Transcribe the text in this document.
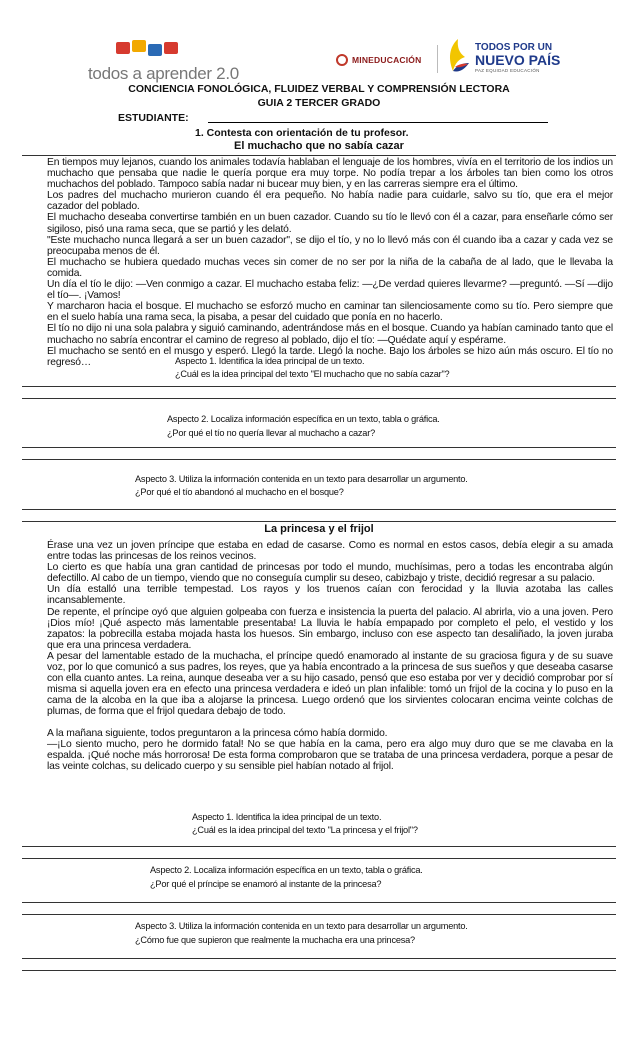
todos a aprender 2.0
MINEDUCACIÓN
TODOS POR UN
NUEVO PAÍS
PAZ EQUIDAD EDUCACIÓN
CONCIENCIA FONOLÓGICA, FLUIDEZ VERBAL Y COMPRENSIÓN LECTORA
GUIA 2 TERCER GRADO
ESTUDIANTE:
1. Contesta con orientación de tu profesor.
El muchacho que no sabía cazar

En tiempos muy lejanos, cuando los animales todavía hablaban el lenguaje de los hombres, vivía en el territorio de los indios un muchacho que pensaba que nadie le quería porque era muy torpe. No podía trepar a los árboles tan bien como los otros muchachos del poblado. Tampoco sabía nadar ni bucear muy bien, y en las carreras siempre era el último.

Los padres del muchacho murieron cuando él era pequeño. No había nadie para cuidarle, salvo su tío, que era el mejor cazador del poblado.

El muchacho deseaba convertirse también en un buen cazador. Cuando su tío le llevó con él a cazar, para enseñarle cómo ser sigiloso, pisó una rama seca, que se partió y les delató.

"Este muchacho nunca llegará a ser un buen cazador", se dijo el tío, y no lo llevó más con él cuando iba a cazar y cada vez se preocupaba menos de él.

El muchacho se hubiera quedado muchas veces sin comer de no ser por la niña de la cabaña de al lado, que le llevaba la comida.

Un día el tío le dijo: —Ven conmigo a cazar. El muchacho estaba feliz: —¿De verdad quieres llevarme? —preguntó. —Sí —dijo el tío—. ¡Vamos!

Y marcharon hacia el bosque. El muchacho se esforzó mucho en caminar tan silenciosamente como su tío. Pero siempre que en el suelo había una rama seca, la pisaba, a pesar del cuidado que ponía en no hacerlo.

El tío no dijo ni una sola palabra y siguió caminando, adentrándose más en el bosque. Cuando ya habían caminado tanto que el muchacho no sabría encontrar el camino de regreso al poblado, dijo el tío: —Quédate aquí y espérame.

El muchacho se sentó en el musgo y esperó. Llegó la tarde. Llegó la noche. Bajo los árboles se hizo aún más oscuro. El tío no regresó…	Aspecto 1. Identifica la idea principal de un texto.
¿Cuál es la idea principal del texto "El muchacho que no sabía cazar"?
Aspecto 2. Localiza información específica en un texto, tabla o gráfica.
¿Por qué el tío no quería llevar al muchacho a cazar?
Aspecto 3. Utiliza la información contenida en un texto para desarrollar un argumento.
¿Por qué el tío abandonó al muchacho en el bosque?
La princesa y el frijol

Érase una vez un joven príncipe que estaba en edad de casarse. Como es normal en estos casos, debía elegir a su amada entre todas las princesas de los reinos vecinos.

Lo cierto es que había una gran cantidad de princesas por todo el mundo, muchísimas, pero a todas les encontraba algún defectillo. Al cabo de un tiempo, viendo que no conseguía cumplir su deseo, cabizbajo y triste, decidió regresar a su palacio.

Un día estalló una terrible tempestad. Los rayos y los truenos caían con ferocidad y la lluvia azotaba las calles incansablemente.

De repente, el príncipe oyó que alguien golpeaba con fuerza e insistencia la puerta del palacio. Al abrirla, vio a una joven. Pero ¡Dios mío! ¡Qué aspecto más lamentable presentaba! La lluvia le había empapado por completo el pelo, el vestido y los zapatos: la pobrecilla estaba mojada hasta los huesos. Sin embargo, incluso con ese aspecto tan desaliñado, la joven juraba que era una princesa verdadera.

A pesar del lamentable estado de la muchacha, el príncipe quedó enamorado al instante de su graciosa figura y de su suave voz, por lo que comunicó a sus padres, los reyes, que ya había encontrado a la princesa de sus sueños y que deseaba casarse con ella cuanto antes. La reina, aunque deseaba ver a su hijo casado, pensó que eso estaba por ver y decidió comprobar por sí misma si aquella joven era en efecto una princesa verdadera e ideó un plan infalible: tomó un frijol de la cocina y lo puso en la cama de la alcoba en la que iba a alojarse la princesa. Luego ordenó que los sirvientes colocaran encima veinte colchas de plumas, de forma que el frijol quedara debajo de todo.

A la mañana siguiente, todos preguntaron a la princesa cómo había dormido.

—¡Lo siento mucho, pero he dormido fatal! No se que había en la cama, pero era algo muy duro que se me clavaba en la espalda. ¡Qué noche más horrorosa! De esta forma comprobaron que se trataba de una princesa verdadera, porque a pesar de las veinte colchas, su delicado cuerpo y su sensible piel habían notado al frijol.

Aspecto 1. Identifica la idea principal de un texto.
¿Cuál es la idea principal del texto "La princesa y el frijol"?
Aspecto 2. Localiza información específica en un texto, tabla o gráfica.
¿Por qué el príncipe se enamoró al instante de la princesa?
Aspecto 3. Utiliza la información contenida en un texto para desarrollar un argumento.
¿Cómo fue que supieron que realmente la muchacha era una princesa?
